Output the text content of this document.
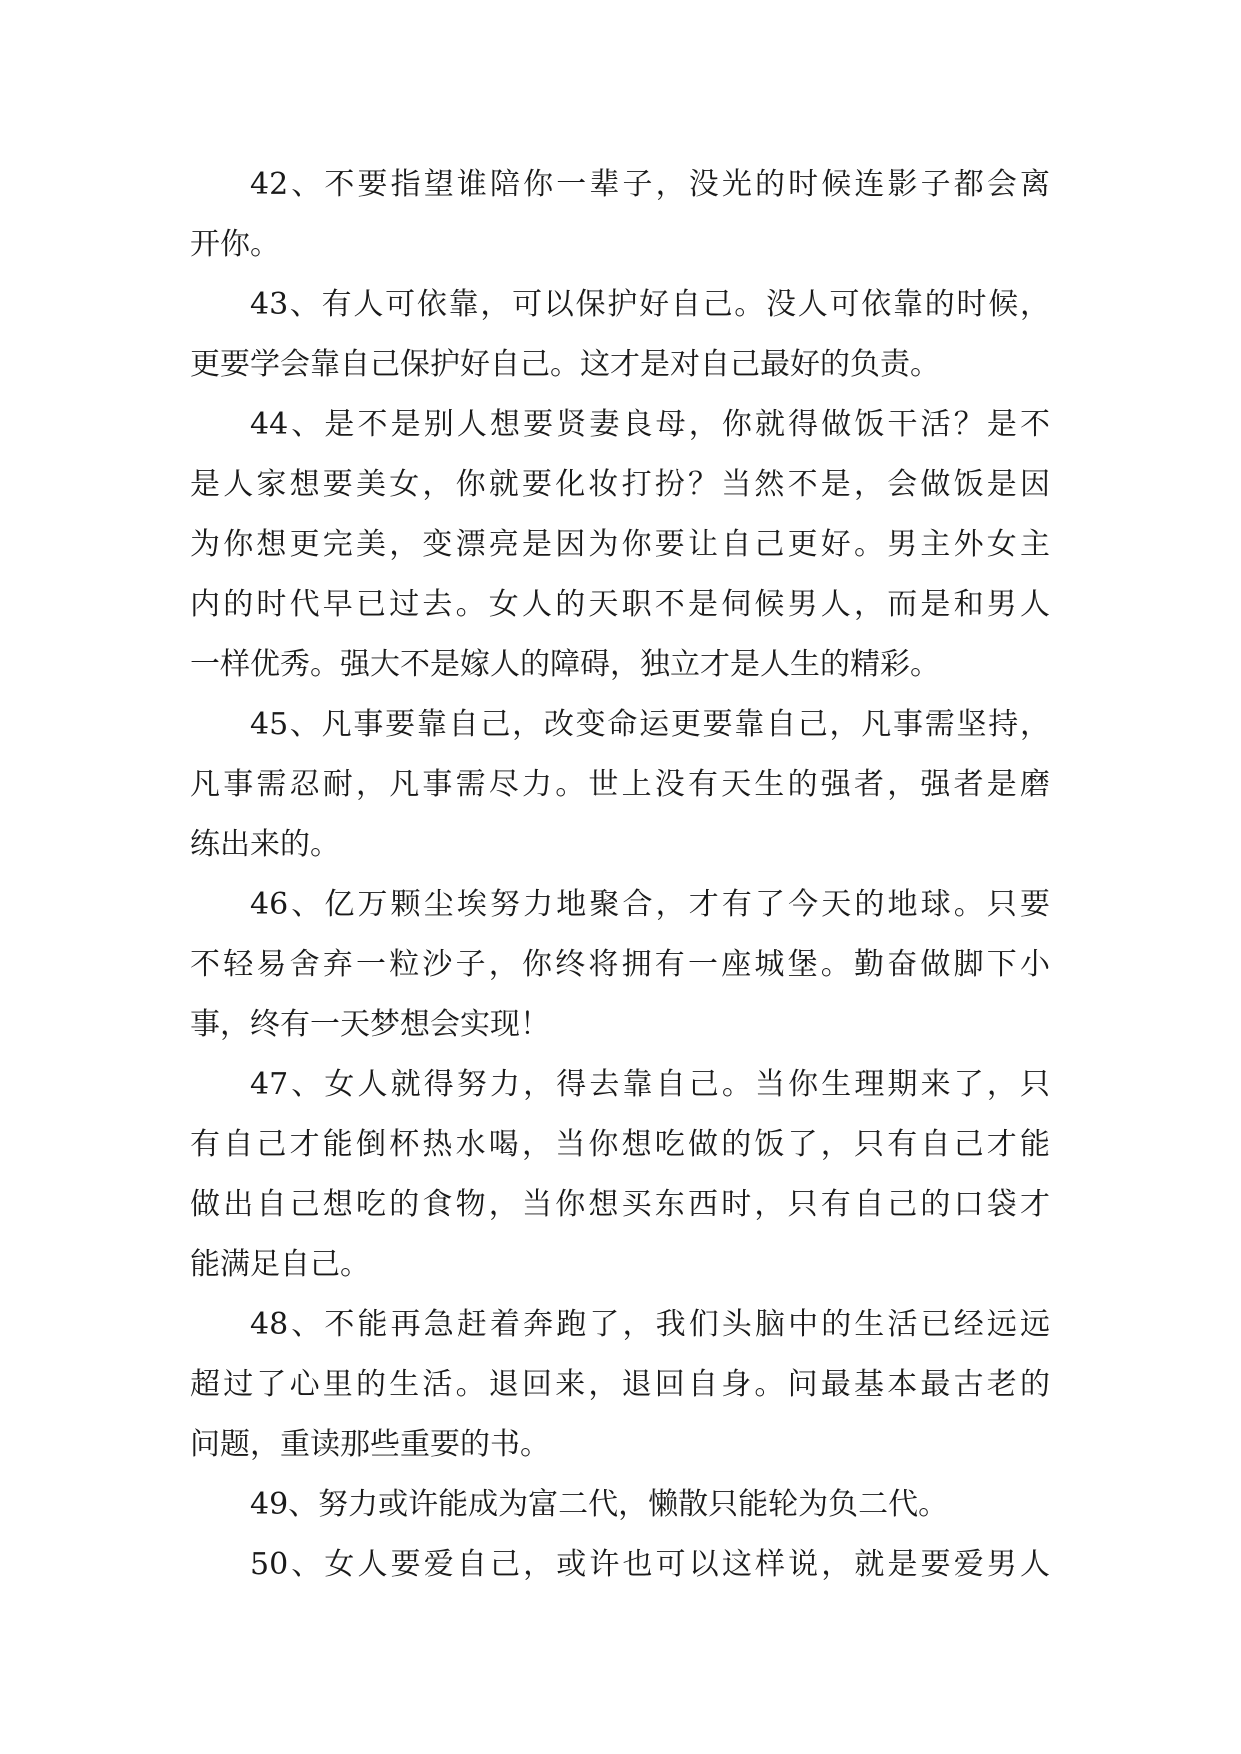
42、不要指望谁陪你一辈子，没光的时候连影子都会离
开你。

43、有人可依靠，可以保护好自己。没人可依靠的时候，
更要学会靠自己保护好自己。这才是对自己最好的负责。

44、是不是别人想要贤妻良母，你就得做饭干活？是不
是人家想要美女，你就要化妆打扮？当然不是，会做饭是因
为你想更完美，变漂亮是因为你要让自己更好。男主外女主
内的时代早已过去。女人的天职不是伺候男人，而是和男人
一样优秀。强大不是嫁人的障碍，独立才是人生的精彩。

45、凡事要靠自己，改变命运更要靠自己，凡事需坚持，
凡事需忍耐，凡事需尽力。世上没有天生的强者，强者是磨
练出来的。

46、亿万颗尘埃努力地聚合，才有了今天的地球。只要
不轻易舍弃一粒沙子，你终将拥有一座城堡。勤奋做脚下小
事，终有一天梦想会实现！

47、女人就得努力，得去靠自己。当你生理期来了，只
有自己才能倒杯热水喝，当你想吃做的饭了，只有自己才能
做出自己想吃的食物，当你想买东西时，只有自己的口袋才
能满足自己。

48、不能再急赶着奔跑了，我们头脑中的生活已经远远
超过了心里的生活。退回来，退回自身。问最基本最古老的
问题，重读那些重要的书。

49、努力或许能成为富二代，懒散只能轮为负二代。

50、女人要爱自己，或许也可以这样说，就是要爱男人
